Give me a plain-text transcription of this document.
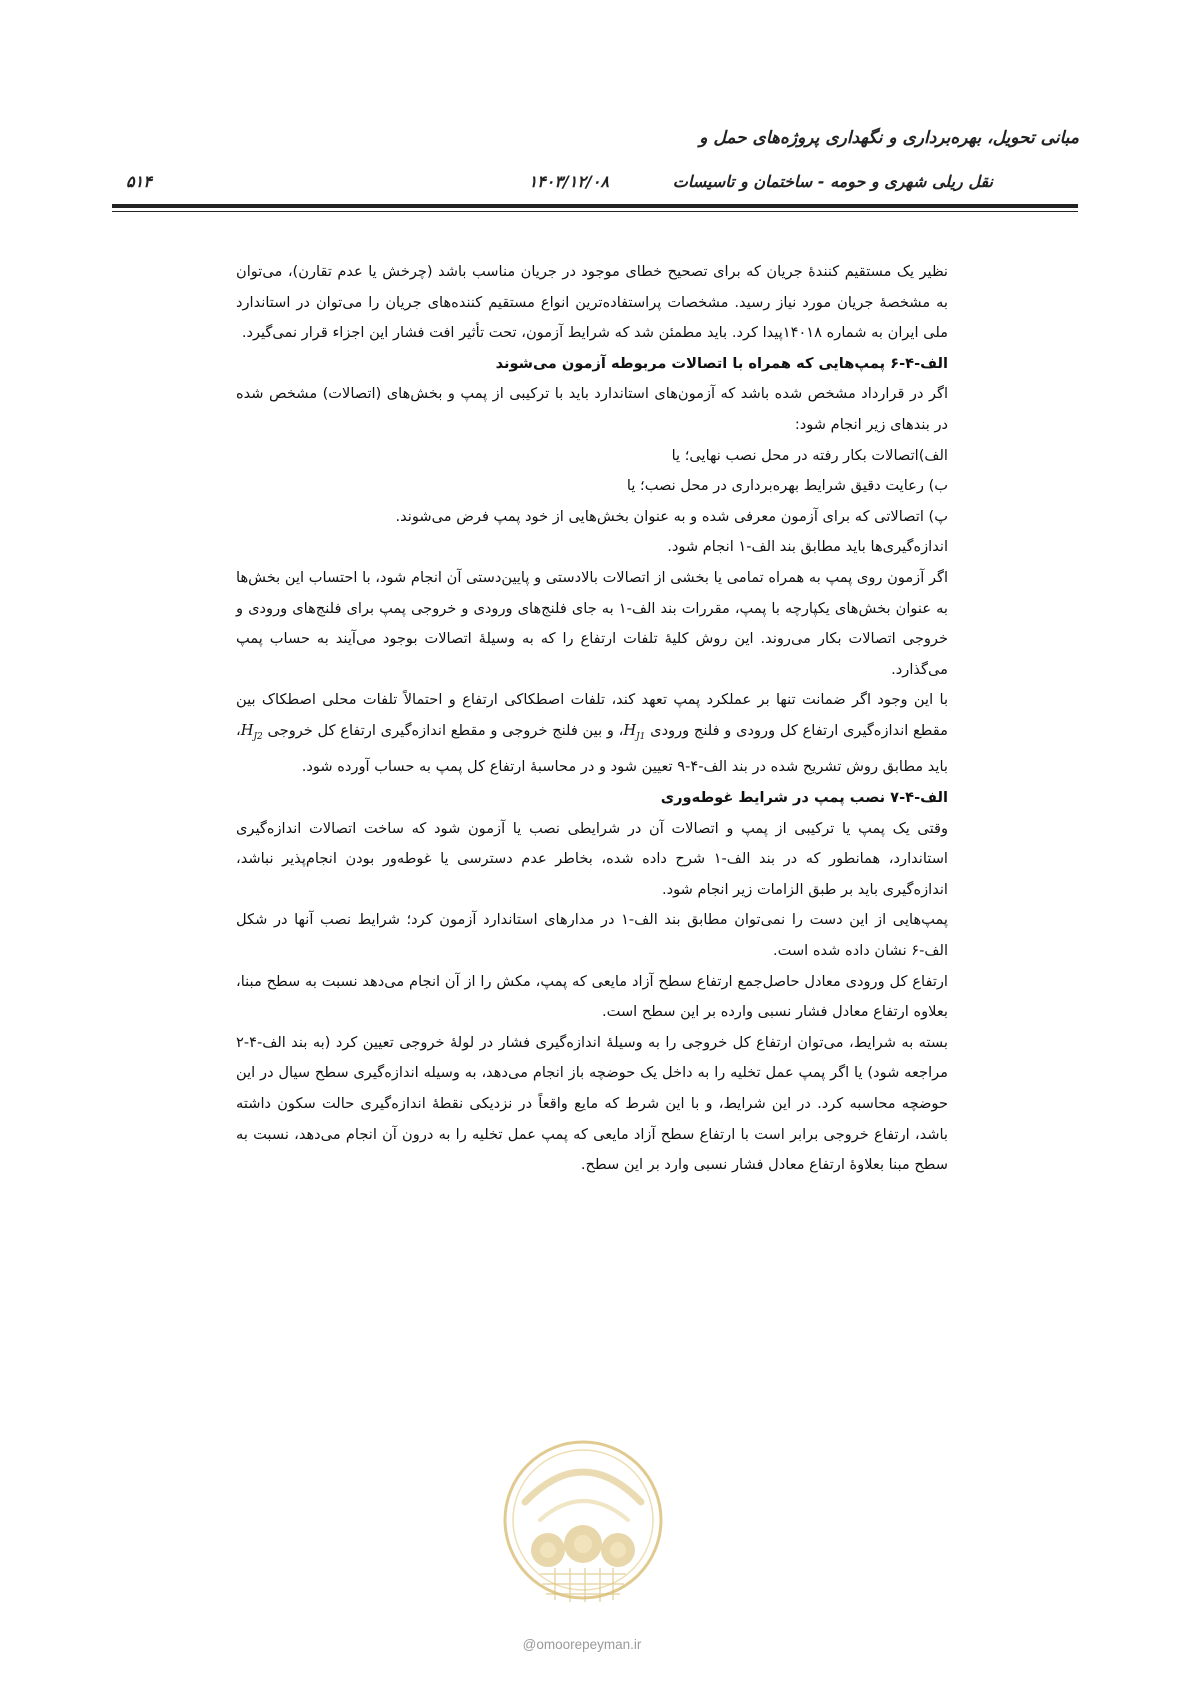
مبانی تحویل، بهره‌برداری و نگهداری پروژه‌های حمل و
نقل ریلی شهری و حومه - ساختمان و تاسیسات
۱۴۰۳/۱۲/۰۸
۵۱۴

نظیر یک مستقیم کنندهٔ جریان که برای تصحیح خطای موجود در جریان مناسب باشد (چرخش یا عدم تقارن)، می‌توان به مشخصهٔ جریان مورد نیاز رسید. مشخصات پراستفاده‌ترین انواع مستقیم کننده‌های جریان را می‌توان در استاندارد ملی ایران به شماره ۱۴۰۱۸پیدا کرد. باید مطمئن شد که شرایط آزمون، تحت تأثیر افت فشار این اجزاء قرار نمی‌گیرد.

الف-۴-۶ پمپ‌هایی که همراه با اتصالات مربوطه آزمون می‌شوند

اگر در قرارداد مشخص شده باشد که آزمون‌های استاندارد باید با ترکیبی از پمپ و بخش‌های (اتصالات) مشخص شده در بندهای زیر انجام شود:

الف)اتصالات بکار رفته در محل نصب نهایی؛ یا

ب) رعایت دقیق شرایط بهره‌برداری در محل نصب؛ یا

پ) اتصالاتی که برای آزمون معرفی شده و به عنوان بخش‌هایی از خود پمپ فرض می‌شوند.

اندازه‌گیری‌ها باید مطابق بند الف-۱ انجام شود.

اگر آزمون روی پمپ به همراه تمامی یا بخشی از اتصالات بالادستی و پایین‌دستی آن انجام شود، با احتساب این بخش‌ها به عنوان بخش‌های یکپارچه با پمپ، مقررات بند الف-۱ به جای فلنج‌های ورودی و خروجی پمپ برای فلنج‌های ورودی و خروجی اتصالات بکار می‌روند. این روش کلیهٔ تلفات ارتفاع را که به وسیلهٔ اتصالات بوجود می‌آیند به حساب پمپ می‌گذارد.

با این وجود اگر ضمانت تنها بر عملکرد پمپ تعهد کند، تلفات اصطکاکی ارتفاع و احتمالاً تلفات محلی اصطکاک بین مقطع اندازه‌گیری ارتفاع کل ورودی و فلنج ورودی $H_{J1}،$ و بین فلنج خروجی و مقطع اندازه‌گیری ارتفاع کل خروجی $H_{J2}،$ باید مطابق روش تشریح شده در بند الف-۴-۹ تعیین شود و در محاسبهٔ ارتفاع کل پمپ به حساب آورده شود.

الف-۴-۷ نصب پمپ در شرایط غوطه‌وری

وقتی یک پمپ یا ترکیبی از پمپ و اتصالات آن در شرایطی نصب یا آزمون شود که ساخت اتصالات اندازه‌گیری استاندارد، همانطور که در بند الف-۱ شرح داده شده، بخاطر عدم دسترسی یا غوطه‌ور بودن انجام‌پذیر نباشد، اندازه‌گیری باید بر طبق الزامات زیر انجام شود.

پمپ‌هایی از این دست را نمی‌توان مطابق بند الف-۱ در مدارهای استاندارد آزمون کرد؛ شرایط نصب آنها در شکل الف-۶ نشان داده شده است.

ارتفاع کل ورودی معادل حاصل‌جمع ارتفاع سطح آزاد مایعی که پمپ، مکش را از آن انجام می‌دهد نسبت به سطح مبنا، بعلاوه ارتفاع معادل فشار نسبی وارده بر این سطح است.

بسته به شرایط، می‌توان ارتفاع کل خروجی را به وسیلهٔ اندازه‌گیری فشار در لولهٔ خروجی تعیین کرد (به بند الف-۴-۲ مراجعه شود) یا اگر پمپ عمل تخلیه را به داخل یک حوضچه باز انجام می‌دهد، به وسیله اندازه‌گیری سطح سیال در این حوضچه محاسبه کرد. در این شرایط، و با این شرط که مایع واقعاً در نزدیکی نقطهٔ اندازه‌گیری حالت سکون داشته باشد، ارتفاع خروجی برابر است با ارتفاع سطح آزاد مایعی که پمپ عمل تخلیه را به درون آن انجام می‌دهد، نسبت به سطح مبنا بعلاوهٔ ارتفاع معادل فشار نسبی وارد بر این سطح.

@omoorepeyman.ir
